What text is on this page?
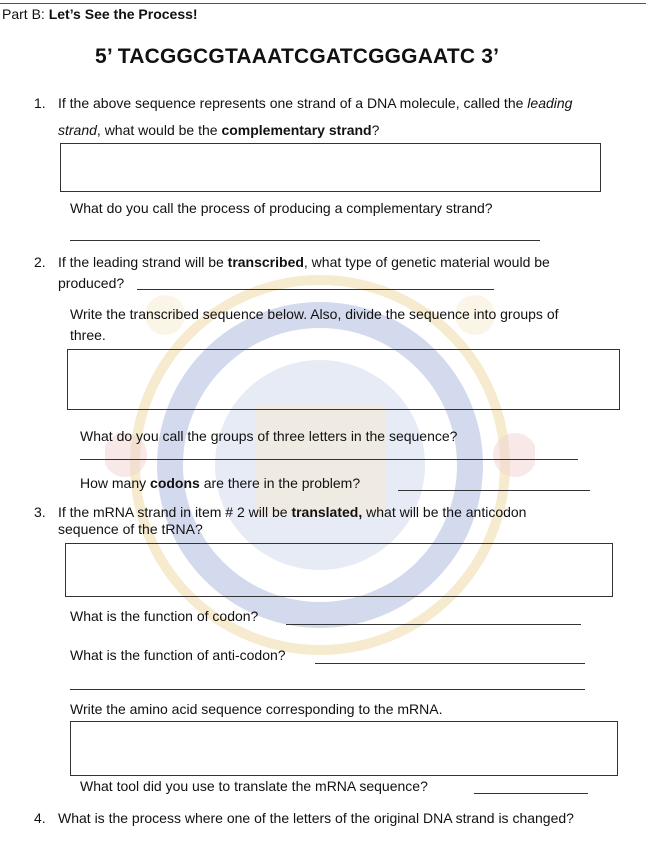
Part B: Let’s See the Process!
5’ TACGGCGTAAATCGATCGGGAATC 3’
1. If the above sequence represents one strand of a DNA molecule, called the leading
strand, what would be the complementary strand?
What do you call the process of producing a complementary strand?
2. If the leading strand will be transcribed, what type of genetic material would be
produced?
Write the transcribed sequence below. Also, divide the sequence into groups of
three.
What do you call the groups of three letters in the sequence?
How many codons are there in the problem?
3. If the mRNA strand in item # 2 will be translated, what will be the anticodon
sequence of the tRNA?
What is the function of codon?
What is the function of anti-codon?
Write the amino acid sequence corresponding to the mRNA.
What tool did you use to translate the mRNA sequence?
4. What is the process where one of the letters of the original DNA strand is changed?
